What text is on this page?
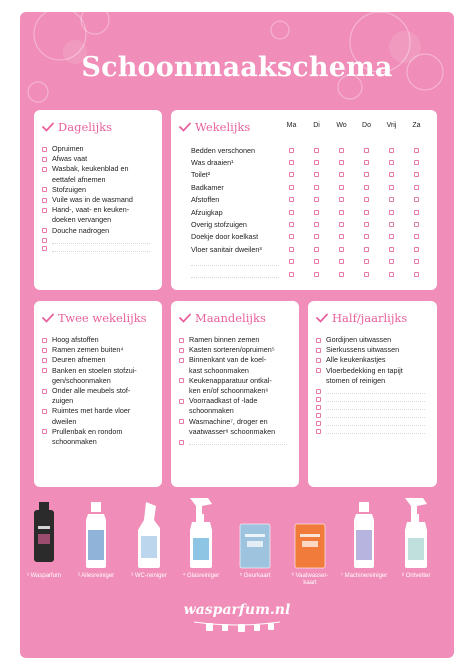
Schoonmaakschema
Dagelijks
Opruimen
Afwas vaat
Wasbak, keukenblad en
eettafel afnemen
Stofzuigen
Vuile was in de wasmand
Hand-, vaat- en keuken-
doeken vervangen
Douche nadrogen
Wekelijks	Ma	Di	Wo	Do	Vrij	Za
Bedden verschonen
Was draaien¹
Toilet²
Badkamer
Afstoffen
Afzuigkap
Overig stofzuigen
Doekje door koelkast
Vloer sanitair dweilen³
Twee wekelijks
Hoog afstoffen
Ramen zemen buiten⁴
Deuren afnemen
Banken en stoelen stofzui-
gen/schoonmaken
Onder alle meubels stof-
zuigen
Ruimtes met harde vloer
dweilen
Prullenbak en rondom
schoonmaken
Maandelijks
Ramen binnen zemen
Kasten sorteren/opruimen⁵
Binnenkant van de koel-
kast schoonmaken
Keukenapparatuur ontkal-
ken en/of schoonmaken⁶
Voorraadkast of -lade
schoonmaken
Wasmachine⁷, droger en
vaatwasser⁸ schoonmaken
Half/jaarlijks
Gordijnen uitwassen
Sierkussens uitwassen
Alle keukenkastjes
Vloerbedekking en tapijt
stomen of reinigen
¹ Wasparfum	² Allesreiniger	³ WC-reiniger	⁴ Glasreiniger	⁵ Geurkaart	⁶ Vaatwasser-
kaart
⁷ Machinereiniger	⁸ Ontvetter
wasparfum.nl
